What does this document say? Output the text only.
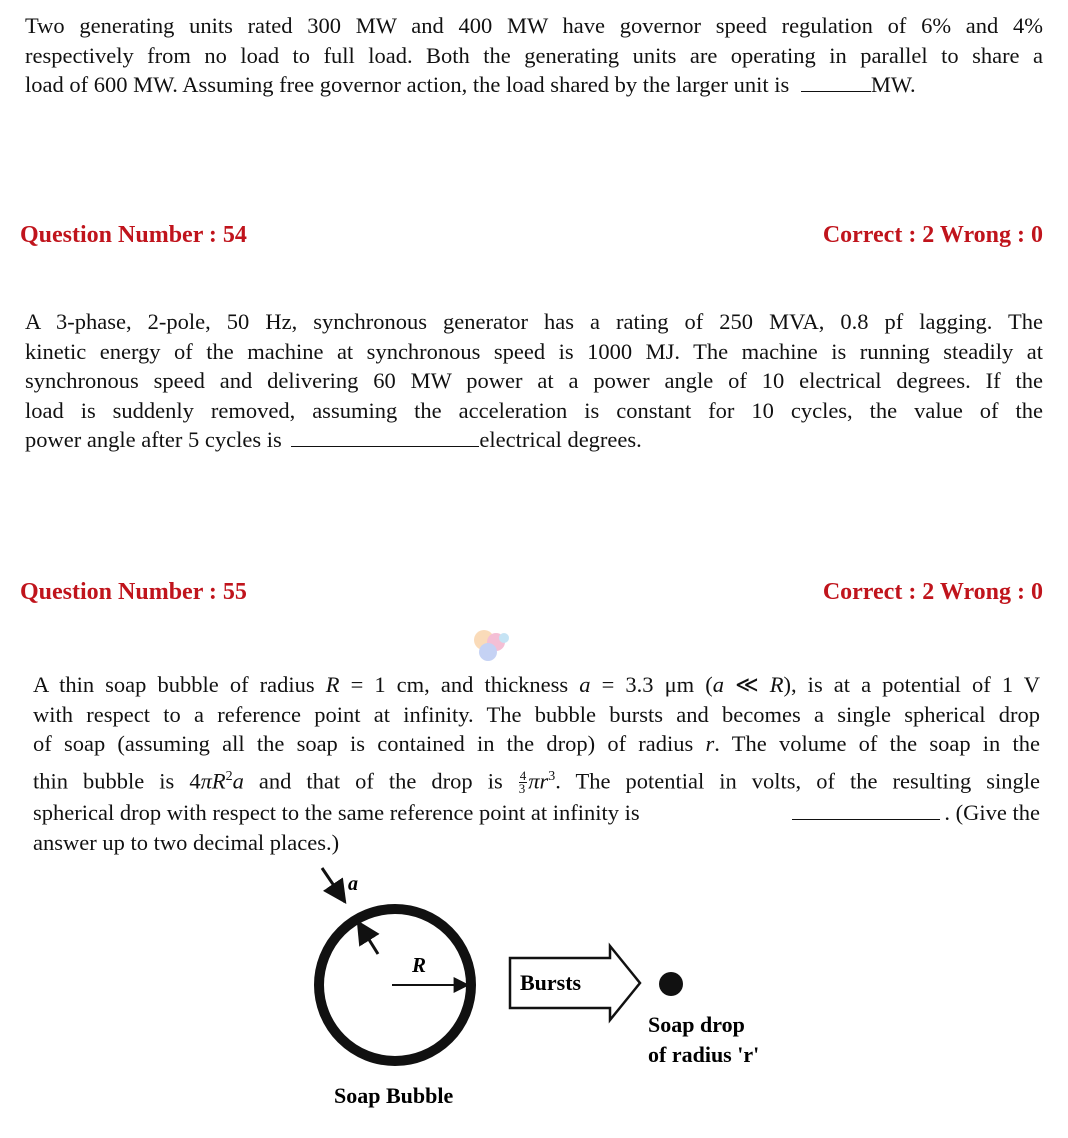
Two generating units rated 300 MW and 400 MW have governor speed regulation of 6% and 4%
respectively from no load to full load. Both the generating units are operating in parallel to share a
load of 600 MW. Assuming free governor action, the load shared by the larger unit is	MW.
Question Number : 54	Correct : 2 Wrong : 0
A 3-phase, 2-pole, 50 Hz, synchronous generator has a rating of 250 MVA, 0.8 pf lagging. The
kinetic energy of the machine at synchronous speed is 1000 MJ. The machine is running steadily at
synchronous speed and delivering 60 MW power at a power angle of 10 electrical degrees. If the
load is suddenly removed, assuming the acceleration is constant for 10 cycles, the value of the
power angle after 5 cycles is	electrical degrees.
Question Number : 55	Correct : 2 Wrong : 0
A thin soap bubble of radius R = 1 cm, and thickness a = 3.3 μm (a ≪ R), is at a potential of 1 V
with respect to a reference point at infinity. The bubble bursts and becomes a single spherical drop
of soap (assuming all the soap is contained in the drop) of radius r. The volume of the soap in the
thin bubble is $4\pi R^2a$ and that of the drop is $\frac{4}{3} \pi r^3$. The potential in volts, of the resulting single
spherical drop with respect to the same reference point at infinity is	. (Give the
answer up to two decimal places.)
a
R
Bursts
Soap drop
of radius 'r'
Soap Bubble
